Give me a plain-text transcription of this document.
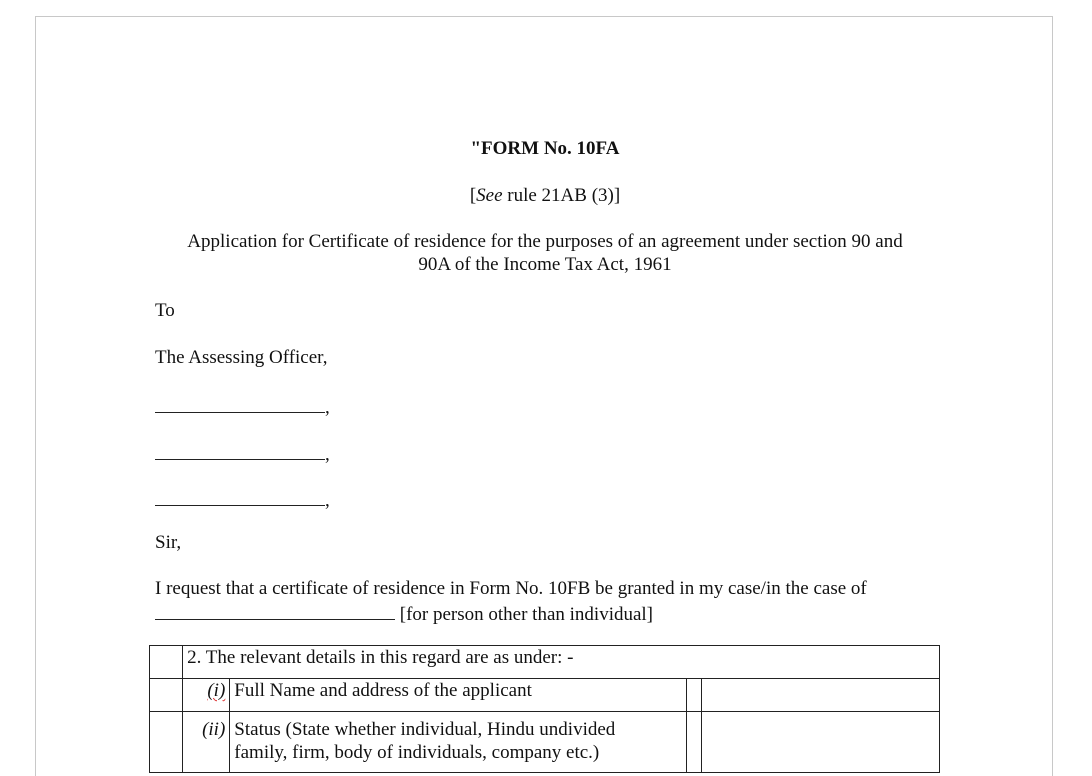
"FORM No. 10FA
[See rule 21AB (3)]
Application for Certificate of residence for the purposes of an agreement under section 90 and
90A of the Income Tax Act, 1961
To
The Assessing Officer,
,
,
,
Sir,
I request that a certificate of residence in Form No. 10FB be granted in my case/in the case of
[for person other than individual]
	2. The relevant details in this regard are as under: -			
	(i)	Full Name and address of the applicant		
	(ii)	Status (State whether individual, Hindu undivided
family, firm, body of individuals, company etc.)		
